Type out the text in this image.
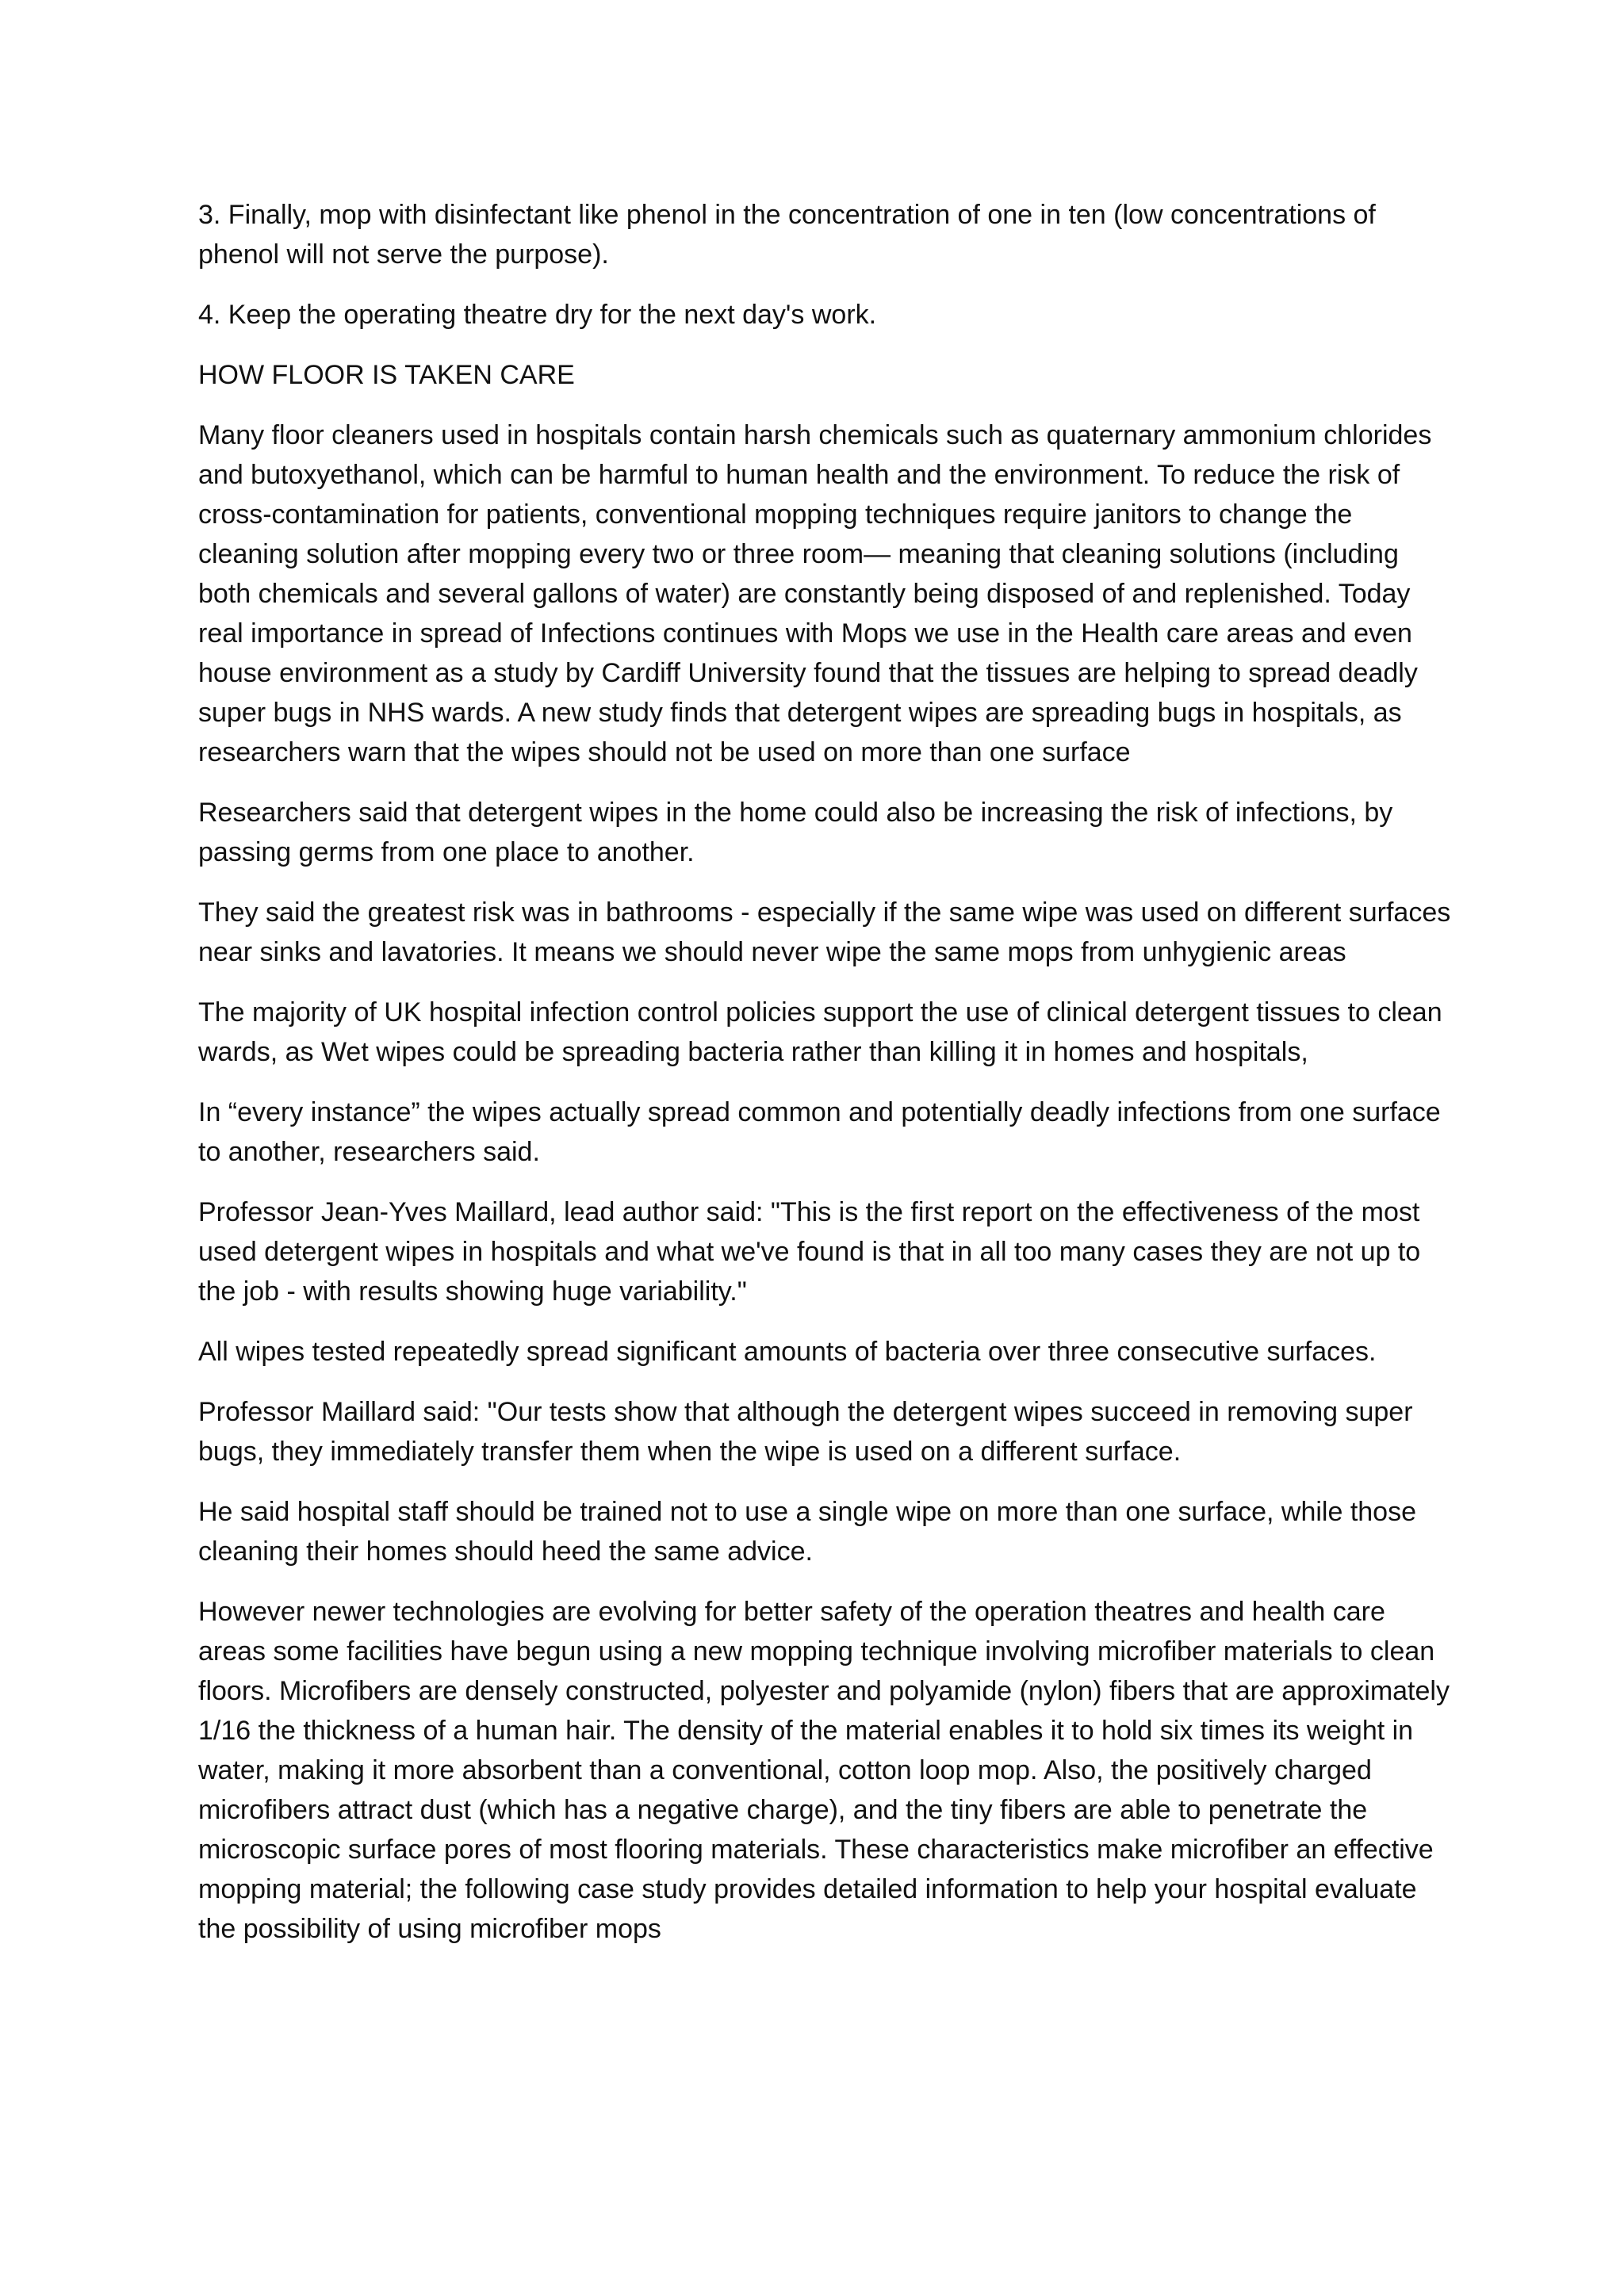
3. Finally, mop with disinfectant like phenol in the concentration of one in ten (low concentrations of phenol will not serve the purpose).

4. Keep the operating theatre dry for the next day's work.

HOW FLOOR IS TAKEN CARE

Many floor cleaners used in hospitals contain harsh chemicals such as quaternary ammonium chlorides and butoxyethanol, which can be harmful to human health and the environment. To reduce the risk of cross-contamination for patients, conventional mopping techniques require janitors to change the cleaning solution after mopping every two or three room— meaning that cleaning solutions (including both chemicals and several gallons of water) are constantly being disposed of and replenished. Today real importance in spread of Infections continues with Mops we use in the Health care areas and even house environment as a study by Cardiff University found that the tissues are helping to spread deadly super bugs in NHS wards. A new study finds that detergent wipes are spreading bugs in hospitals, as researchers warn that the wipes should not be used on more than one surface

Researchers said that detergent wipes in the home could also be increasing the risk of infections, by passing germs from one place to another.

They said the greatest risk was in bathrooms - especially if the same wipe was used on different surfaces near sinks and lavatories. It means we should never wipe the same mops from unhygienic areas

The majority of UK hospital infection control policies support the use of clinical detergent tissues to clean wards, as Wet wipes could be spreading bacteria rather than killing it in homes and hospitals,

In “every instance” the wipes actually spread common and potentially deadly infections from one surface to another, researchers said.

Professor Jean-Yves Maillard, lead author said: "This is the first report on the effectiveness of the most used detergent wipes in hospitals and what we've found is that in all too many cases they are not up to the job - with results showing huge variability."

All wipes tested repeatedly spread significant amounts of bacteria over three consecutive surfaces.

Professor Maillard said: "Our tests show that although the detergent wipes succeed in removing super bugs, they immediately transfer them when the wipe is used on a different surface.

He said hospital staff should be trained not to use a single wipe on more than one surface, while those cleaning their homes should heed the same advice.

However newer technologies are evolving for better safety of the operation theatres and health care areas some facilities have begun using a new mopping technique involving microfiber materials to clean floors. Microfibers are densely constructed, polyester and polyamide (nylon) fibers that are approximately 1/16 the thickness of a human hair. The density of the material enables it to hold six times its weight in water, making it more absorbent than a conventional, cotton loop mop. Also, the positively charged microfibers attract dust (which has a negative charge), and the tiny fibers are able to penetrate the microscopic surface pores of most flooring materials. These characteristics make microfiber an effective mopping material; the following case study provides detailed information to help your hospital evaluate the possibility of using microfiber mops
